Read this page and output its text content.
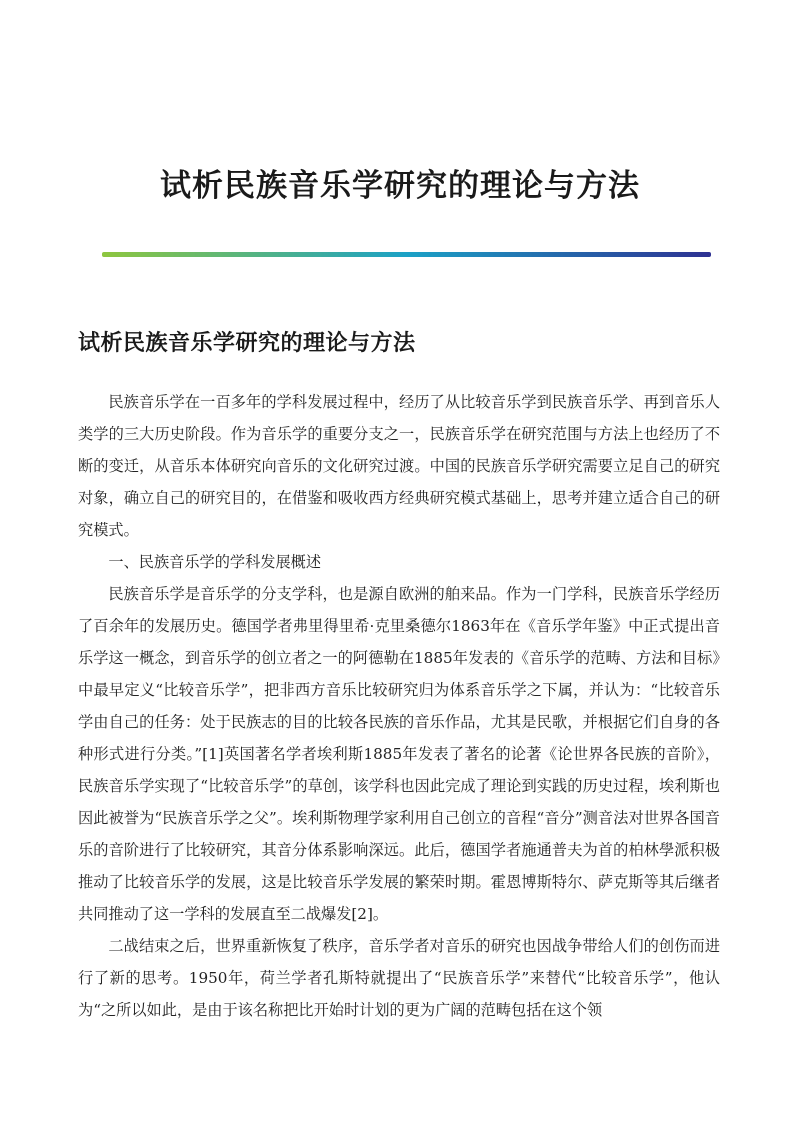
试析民族音乐学研究的理论与方法
试析民族音乐学研究的理论与方法

民族音乐学在一百多年的学科发展过程中，经历了从比较音乐学到民族音乐学、再到音乐人类学的三大历史阶段。作为音乐学的重要分支之一，民族音乐学在研究范围与方法上也经历了不断的变迁，从音乐本体研究向音乐的文化研究过渡。中国的民族音乐学研究需要立足自己的研究对象，确立自己的研究目的，在借鉴和吸收西方经典研究模式基础上，思考并建立适合自己的研究模式。

一、民族音乐学的学科发展概述

民族音乐学是音乐学的分支学科，也是源自欧洲的舶来品。作为一门学科，民族音乐学经历了百余年的发展历史。德国学者弗里得里希·克里桑德尔1863年在《音乐学年鉴》中正式提出音乐学这一概念，到音乐学的创立者之一的阿德勒在1885年发表的《音乐学的范畴、方法和目标》中最早定义“比较音乐学”，把非西方音乐比较研究归为体系音乐学之下属，并认为：“比较音乐学由自己的任务：处于民族志的目的比较各民族的音乐作品，尤其是民歌，并根据它们自身的各种形式进行分类。”[1]英国著名学者埃利斯1885年发表了著名的论著《论世界各民族的音阶》，民族音乐学实现了“比较音乐学”的草创，该学科也因此完成了理论到实践的历史过程，埃利斯也因此被誉为“民族音乐学之父”。埃利斯物理学家利用自己创立的音程“音分”测音法对世界各国音乐的音阶进行了比较研究，其音分体系影响深远。此后，德国学者施通普夫为首的柏林學派积极推动了比较音乐学的发展，这是比较音乐学发展的繁荣时期。霍恩博斯特尔、萨克斯等其后继者共同推动了这一学科的发展直至二战爆发[2]。

二战结束之后，世界重新恢复了秩序，音乐学者对音乐的研究也因战争带给人们的创伤而进行了新的思考。1950年，荷兰学者孔斯特就提出了“民族音乐学”来替代“比较音乐学”，他认为“之所以如此，是由于该名称把比开始时计划的更为广阔的范畴包括在这个领
